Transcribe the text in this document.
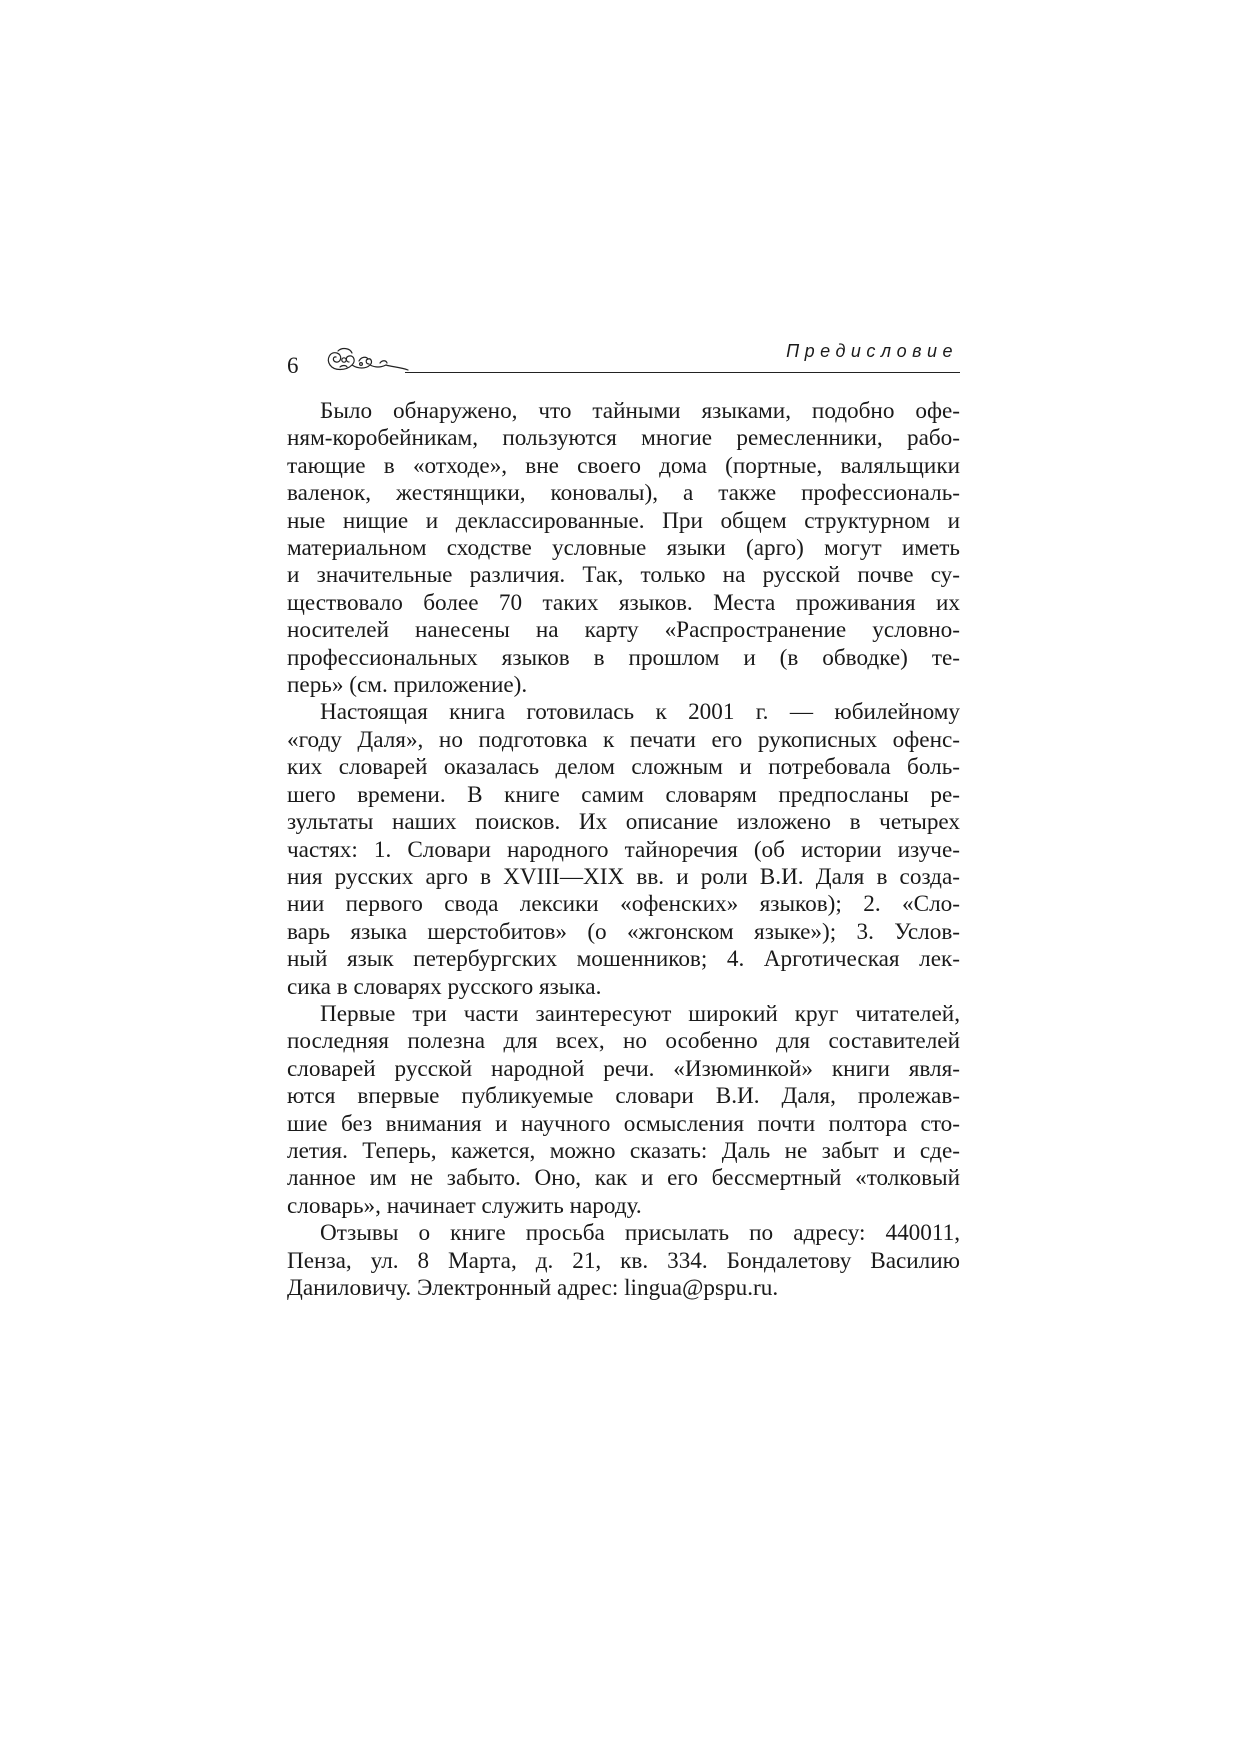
6
Предисловие

Было обнаружено, что тайными языками, подобно офе-

ням-коробейникам, пользуются многие ремесленники, рабо-

тающие в «отходе», вне своего дома (портные, валяльщики

валенок, жестянщики, коновалы), а также профессиональ-

ные нищие и деклассированные. При общем структурном и

материальном сходстве условные языки (арго) могут иметь

и значительные различия. Так, только на русской почве су-

ществовало более 70 таких языков. Места проживания их

носителей нанесены на карту «Распространение условно-

профессиональных языков в прошлом и (в обводке) те-

перь» (см. приложение).

Настоящая книга готовилась к 2001 г. — юбилейному

«году Даля», но подготовка к печати его рукописных офенс-

ких словарей оказалась делом сложным и потребовала боль-

шего времени. В книге самим словарям предпосланы ре-

зультаты наших поисков. Их описание изложено в четырех

частях: 1. Словари народного тайноречия (об истории изуче-

ния русских арго в XVIII—XIX вв. и роли В.И. Даля в созда-

нии первого свода лексики «офенских» языков); 2. «Сло-

варь языка шерстобитов» (о «жгонском языке»); 3. Услов-

ный язык петербургских мошенников; 4. Арготическая лек-

сика в словарях русского языка.

Первые три части заинтересуют широкий круг читателей,

последняя полезна для всех, но особенно для составителей

словарей русской народной речи. «Изюминкой» книги явля-

ются впервые публикуемые словари В.И. Даля, пролежав-

шие без внимания и научного осмысления почти полтора сто-

летия. Теперь, кажется, можно сказать: Даль не забыт и сде-

ланное им не забыто. Оно, как и его бессмертный «толковый

словарь», начинает служить народу.

Отзывы о книге просьба присылать по адресу: 440011,

Пенза, ул. 8 Марта, д. 21, кв. 334. Бондалетову Василию

Даниловичу. Электронный адрес: lingua@pspu.ru.
